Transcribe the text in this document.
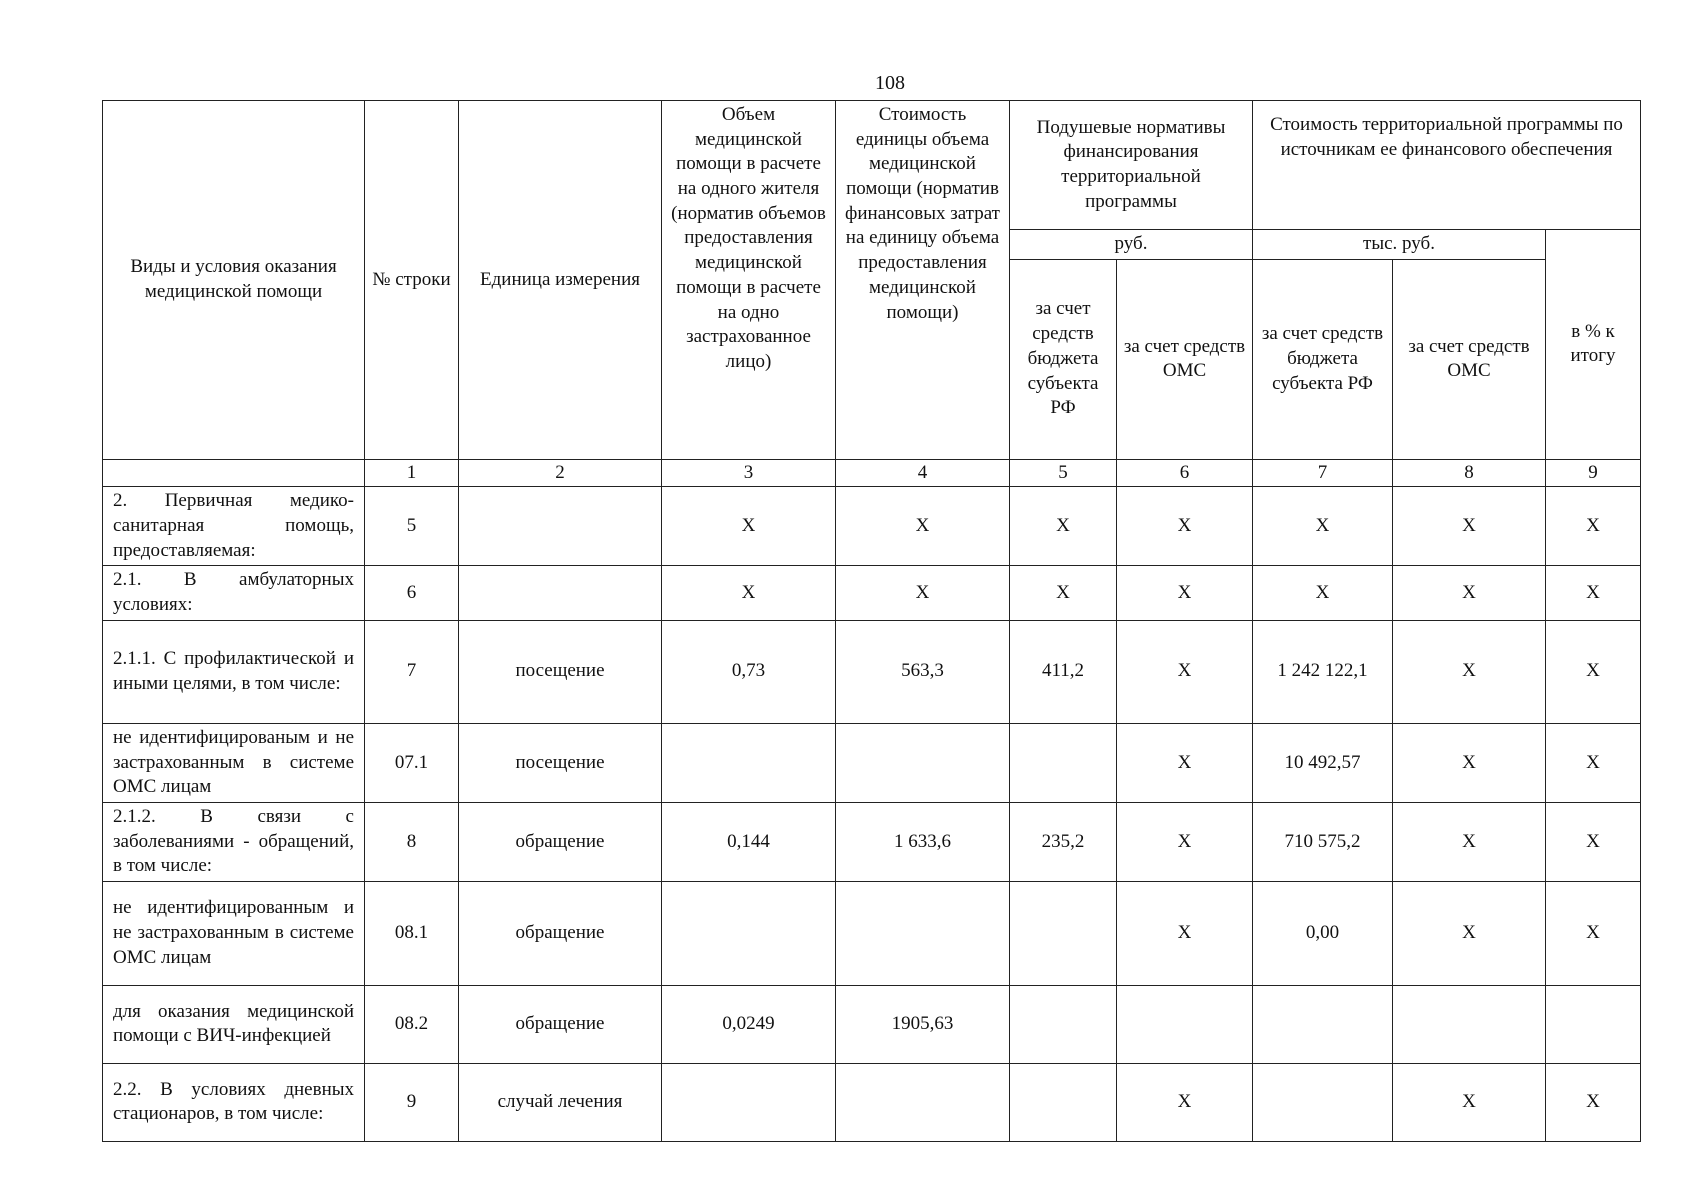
108
Виды и условия оказания медицинской помощи	№ строки	Единица измерения	Объем медицинской помощи в расчете на одного жителя (норматив объемов предоставления медицинской помощи в расчете на одно застрахованное лицо)	Стоимость единицы объема медицинской помощи (норматив финансовых затрат на единицу объема предоставления медицинской помощи)	Подушевые нормативы финансирования территориальной программы		Стоимость территориальной программы по источникам ее финансового обеспечения		
					руб.		тыс. руб.		в % к итогу
					за счет средств бюджета субъекта РФ	за счет средств ОМС	за счет средств бюджета субъекта РФ	за счет средств ОМС	
	1	2	3	4	5	6	7	8	9
2. Первичная медико-санитарная помощь, предоставляемая:	5		Х	Х	Х	Х	Х	Х	Х
2.1. В амбулаторных условиях:	6		Х	Х	Х	Х	Х	Х	Х
2.1.1. С профилактической и иными целями, в том числе:	7	посещение	0,73	563,3	411,2	Х	1 242 122,1	Х	Х
не идентифицированым и не застрахованным в системе ОМС лицам	07.1	посещение				Х	10 492,57	Х	Х
2.1.2. В связи с заболеваниями - обращений, в том числе:	8	обращение	0,144	1 633,6	235,2	Х	710 575,2	Х	Х
не идентифицированным и не застрахованным в системе ОМС лицам	08.1	обращение				Х	0,00	Х	Х
для оказания медицинской помощи с ВИЧ-инфекцией	08.2	обращение	0,0249	1905,63					
2.2. В условиях дневных стационаров, в том числе:	9	случай лечения				Х		Х	Х
